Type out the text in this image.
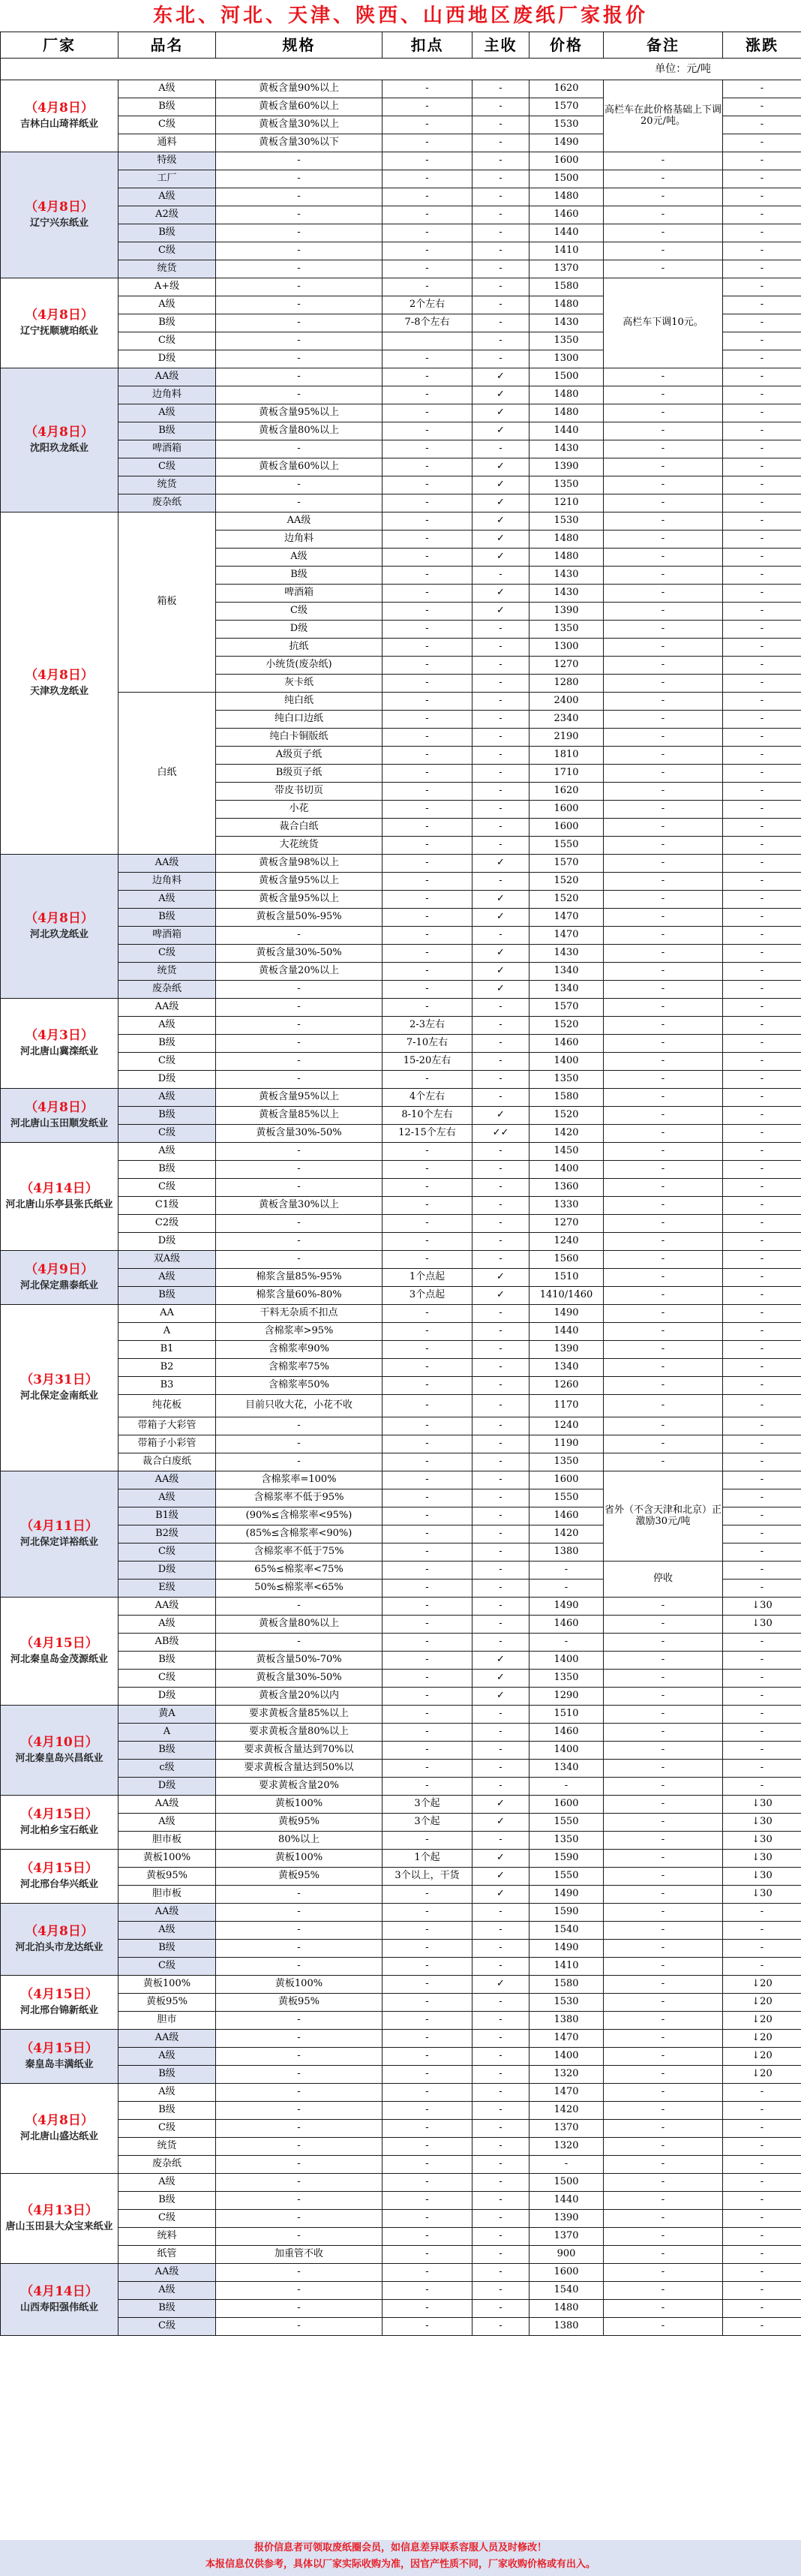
东北、河北、天津、陕西、山西地区废纸厂家报价
厂家	品名	规格	扣点	主收	价格	备注	涨跌
单位：元/吨							

（4月8日）
吉林白山琦祥纸业	A级	黄板含量90%以上	-	-	1620	高栏车在此价格基础上下调20元/吨。	-
	B级	黄板含量60%以上	-	-	1570		-
	C级	黄板含量30%以上	-	-	1530		-
	通料	黄板含量30%以下	-	-	1490		-

（4月8日）
辽宁兴东纸业	特级	-	-	-	1600	-	-
	工厂	-	-	-	1500	-	-
	A级	-	-	-	1480	-	-
	A2级	-	-	-	1460	-	-
	B级	-	-	-	1440	-	-
	C级	-	-	-	1410	-	-
	统货	-	-	-	1370	-	-

（4月8日）
辽宁抚顺琥珀纸业	A+级	-	-	-	1580	高栏车下调10元。	-
	A级	-	2个左右	-	1480		-
	B级	-	7-8个左右	-	1430		-
	C级	-		-	1350		-
	D级	-	-	-	1300		-

（4月8日）
沈阳玖龙纸业	AA级	-	-	✓	1500	-	-
	边角料	-	-	✓	1480	-	-
	A级	黄板含量95%以上	-	✓	1480	-	-
	B级	黄板含量80%以上	-	✓	1440	-	-
	啤酒箱	-	-	-	1430	-	-
	C级	黄板含量60%以上	-	✓	1390	-	-
	统货	-	-	✓	1350	-	-
	废杂纸	-	-	✓	1210	-	-

（4月8日）
天津玖龙纸业	箱板	AA级	-	✓	1530	-	-
		边角料	-	✓	1480	-	-
		A级	-	✓	1480	-	-
		B级	-	-	1430	-	-
		啤酒箱	-	✓	1430	-	-
		C级	-	✓	1390	-	-
		D级	-	-	1350	-	-
		抗纸	-	-	1300	-	-
		小统货(废杂纸)	-	-	1270	-	-
		灰卡纸	-	-	1280	-	-
	白纸	纯白纸	-	-	2400	-	-
		纯白口边纸	-	-	2340	-	-
		纯白卡铜版纸	-	-	2190	-	-
		A级页子纸	-	-	1810	-	-
		B级页子纸	-	-	1710	-	-
		带皮书切页	-	-	1620	-	-
		小花	-	-	1600	-	-
		裁合白纸	-	-	1600	-	-
		大花统货	-	-	1550	-	-

（4月8日）
河北玖龙纸业	AA级	黄板含量98%以上	-	✓	1570	-	-
	边角料	黄板含量95%以上	-	-	1520	-	-
	A级	黄板含量95%以上	-	✓	1520	-	-
	B级	黄板含量50%-95%	-	✓	1470	-	-
	啤酒箱	-	-	-	1470	-	-
	C级	黄板含量30%-50%	-	✓	1430	-	-
	统货	黄板含量20%以上	-	✓	1340	-	-
	废杂纸	-	-	✓	1340	-	-

（4月3日）
河北唐山冀滦纸业	AA级	-	-	-	1570	-	-
	A级	-	2-3左右	-	1520	-	-
	B级	-	7-10左右	-	1460	-	-
	C级	-	15-20左右	-	1400	-	-
	D级	-	-	-	1350	-	-

（4月8日）
河北唐山玉田顺发纸业	A级	黄板含量95%以上	4个左右	-	1580	-	-
	B级	黄板含量85%以上	8-10个左右	✓	1520	-	-
	C级	黄板含量30%-50%	12-15个左右	✓✓	1420	-	-

（4月14日）
河北唐山乐亭县张氏纸业	A级	-	-	-	1450	-	-
	B级	-	-	-	1400	-	-
	C级	-	-	-	1360	-	-
	C1级	黄板含量30%以上	-	-	1330	-	-
	C2级	-	-	-	1270	-	-
	D级	-	-	-	1240	-	-

（4月9日）
河北保定鼎泰纸业	双A级	-	-	-	1560	-	-
	A级	棉浆含量85%-95%	1个点起	✓	1510	-	-
	B级	棉浆含量60%-80%	3个点起	✓	1410/1460	-	-

（3月31日）
河北保定金南纸业	AA	干料无杂质不扣点	-	-	1490	-	-
	A	含棉浆率>95%	-	-	1440	-	-
	B1	含棉浆率90%	-	-	1390	-	-
	B2	含棉浆率75%	-	-	1340	-	-
	B3	含棉浆率50%	-	-	1260	-	-
	纯花板	目前只收大花，小花不收	-	-	1170	-	-
	带箱子大彩管	-	-	-	1240	-	-
	带箱子小彩管	-	-	-	1190	-	-
	裁合白废纸	-	-	-	1350	-	-

（4月11日）
河北保定详裕纸业	AA级	含棉浆率=100%	-	-	1600	省外（不含天津和北京）正激励30元/吨	-
	A级	含棉浆率不低于95%	-	-	1550		-
	B1级	(90%≤含棉浆率<95%)	-	-	1460		-
	B2级	(85%≤含棉浆率<90%)	-	-	1420		-
	C级	含棉浆率不低于75%	-	-	1380		-
	D级	65%≤棉浆率<75%	-	-	-	停收	-
	E级	50%≤棉浆率<65%	-	-	-		-

（4月15日）
河北秦皇岛金茂源纸业	AA级	-	-	-	1490	-	↓30
	A级	黄板含量80%以上	-	-	1460	-	↓30
	AB级	-	-	-	-	-	-
	B级	黄板含量50%-70%	-	✓	1400	-	-
	C级	黄板含量30%-50%	-	✓	1350	-	-
	D级	黄板含量20%以内	-	✓	1290	-	-

（4月10日）
河北秦皇岛兴昌纸业	黄A	要求黄板含量85%以上	-	-	1510	-	-
	A	要求黄板含量80%以上	-	-	1460	-	-
	B级	要求黄板含量达到70%以	-	-	1400	-	-
	c级	要求黄板含量达到50%以	-	-	1340	-	-
	D级	要求黄板含量20%	-	-	-	-	-

（4月15日）
河北柏乡宝石纸业	AA级	黄板100%	3个起	✓	1600	-	↓30
	A级	黄板95%	3个起	✓	1550	-	↓30
	胆市板	80%以上	-	-	1350	-	↓30

（4月15日）
河北邢台华兴纸业	黄板100%	黄板100%	1个起	✓	1590	-	↓30
	黄板95%	黄板95%	3个以上，干货	✓	1550	-	↓30
	胆市板	-	-	✓	1490	-	↓30

（4月8日）
河北泊头市龙达纸业	AA级	-	-	-	1590	-	-
	A级	-	-	-	1540	-	-
	B级	-	-	-	1490	-	-
	C级	-	-	-	1410	-	-

（4月15日）
河北邢台锦新纸业	黄板100%	黄板100%	-	✓	1580	-	↓20
	黄板95%	黄板95%	-	-	1530	-	↓20
	胆市	-	-	-	1380	-	↓20

（4月15日）
秦皇岛丰满纸业	AA级	-	-	-	1470	-	↓20
	A级	-	-	-	1400	-	↓20
	B级	-	-	-	1320	-	↓20

（4月8日）
河北唐山盛达纸业	A级	-	-	-	1470	-	-
	B级	-	-	-	1420	-	-
	C级	-	-	-	1370	-	-
	统货	-	-	-	1320	-	-
	废杂纸	-	-	-	-	-	-

（4月13日）
唐山玉田县大众宝来纸业	A级	-	-	-	1500	-	-
	B级	-	-	-	1440	-	-
	C级	-	-	-	1390	-	-
	统料	-	-	-	1370	-	-
	纸管	加重管不收	-	-	900	-	-

（4月14日）
山西寿阳强伟纸业	AA级	-	-	-	1600	-	-
	A级	-	-	-	1540	-	-
	B级	-	-	-	1480	-	-
	C级	-	-	-	1380	-	-
报价信息者可领取废纸圈会员，如信息差异联系容服人员及时修改！
本报信息仅供参考，具体以厂家实际收购为准，因官产性质不同，厂家收购价格或有出入。
